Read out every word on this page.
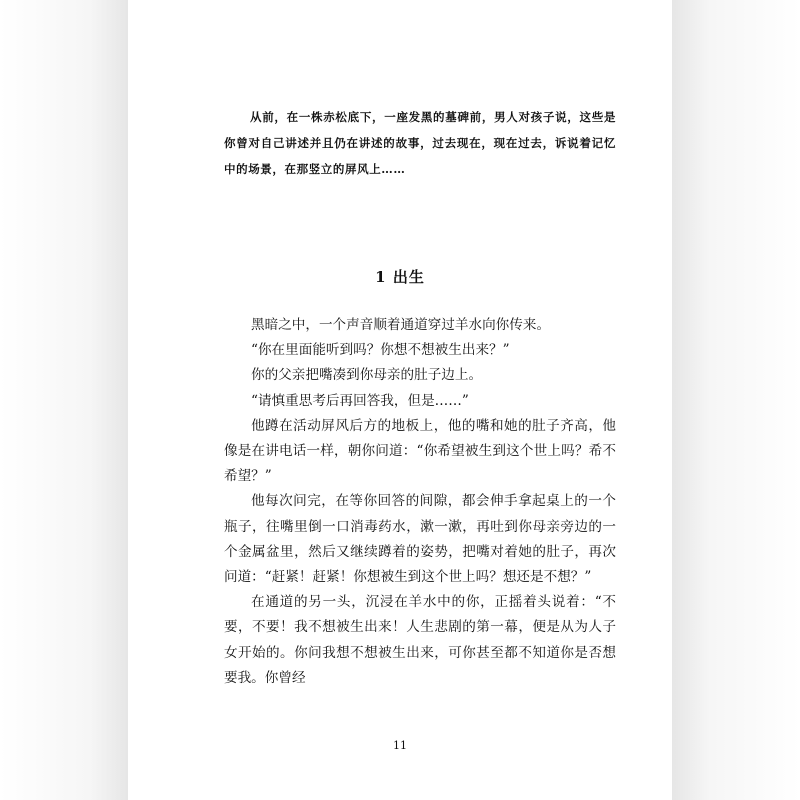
从前，在一株赤松底下，一座发黑的墓碑前，男人对孩子说，这些是你曾对自己讲述并且仍在讲述的故事，过去现在，现在过去，诉说着记忆中的场景，在那竖立的屏风上……

1 出生

黑暗之中，一个声音顺着通道穿过羊水向你传来。

“你在里面能听到吗？你想不想被生出来？”

你的父亲把嘴凑到你母亲的肚子边上。

“请慎重思考后再回答我，但是……”

他蹲在活动屏风后方的地板上，他的嘴和她的肚子齐高，他像是在讲电话一样，朝你问道：“你希望被生到这个世上吗？希不希望？”

他每次问完，在等你回答的间隙，都会伸手拿起桌上的一个瓶子，往嘴里倒一口消毒药水，漱一漱，再吐到你母亲旁边的一个金属盆里，然后又继续蹲着的姿势，把嘴对着她的肚子，再次问道：“赶紧！赶紧！你想被生到这个世上吗？想还是不想？”

在通道的另一头，沉浸在羊水中的你，正摇着头说着：“不要，不要！我不想被生出来！人生悲剧的第一幕，便是从为人子女开始的。你问我想不想被生出来，可你甚至都不知道你是否想要我。你曾经

11
